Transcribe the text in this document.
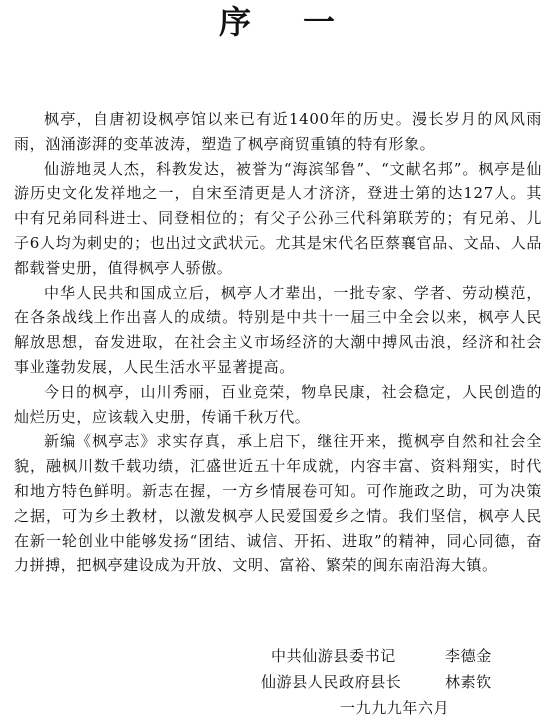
序一

枫亭，自唐初设枫亭馆以来已有近1400年的历史。漫长岁月的风风雨雨，汹涌澎湃的变革波涛，塑造了枫亭商贸重镇的特有形象。

仙游地灵人杰，科教发达，被誉为“海滨邹鲁”、“文献名邦”。枫亭是仙游历史文化发祥地之一，自宋至清更是人才济济，登进士第的达127人。其中有兄弟同科进士、同登相位的；有父子公孙三代科第联芳的；有兄弟、儿子6人均为刺史的；也出过文武状元。尤其是宋代名臣蔡襄官品、文品、人品都载誉史册，值得枫亭人骄傲。

中华人民共和国成立后，枫亭人才辈出，一批专家、学者、劳动模范，在各条战线上作出喜人的成绩。特别是中共十一届三中全会以来，枫亭人民解放思想，奋发进取，在社会主义市场经济的大潮中搏风击浪，经济和社会事业蓬勃发展，人民生活水平显著提高。

今日的枫亭，山川秀丽，百业竞荣，物阜民康，社会稳定，人民创造的灿烂历史，应该载入史册，传诵千秋万代。

新编《枫亭志》求实存真，承上启下，继往开来，揽枫亭自然和社会全貌，融枫川数千载功绩，汇盛世近五十年成就，内容丰富、资料翔实，时代和地方特色鲜明。新志在握，一方乡情展卷可知。可作施政之助，可为决策之据，可为乡土教材，以激发枫亭人民爱国爱乡之情。我们坚信，枫亭人民在新一轮创业中能够发扬“团结、诚信、开拓、进取”的精神，同心同德，奋力拼搏，把枫亭建设成为开放、文明、富裕、繁荣的闽东南沿海大镇。

中共仙游县委书记	李德金
仙游县人民政府县长	林素钦
一九九九年六月
